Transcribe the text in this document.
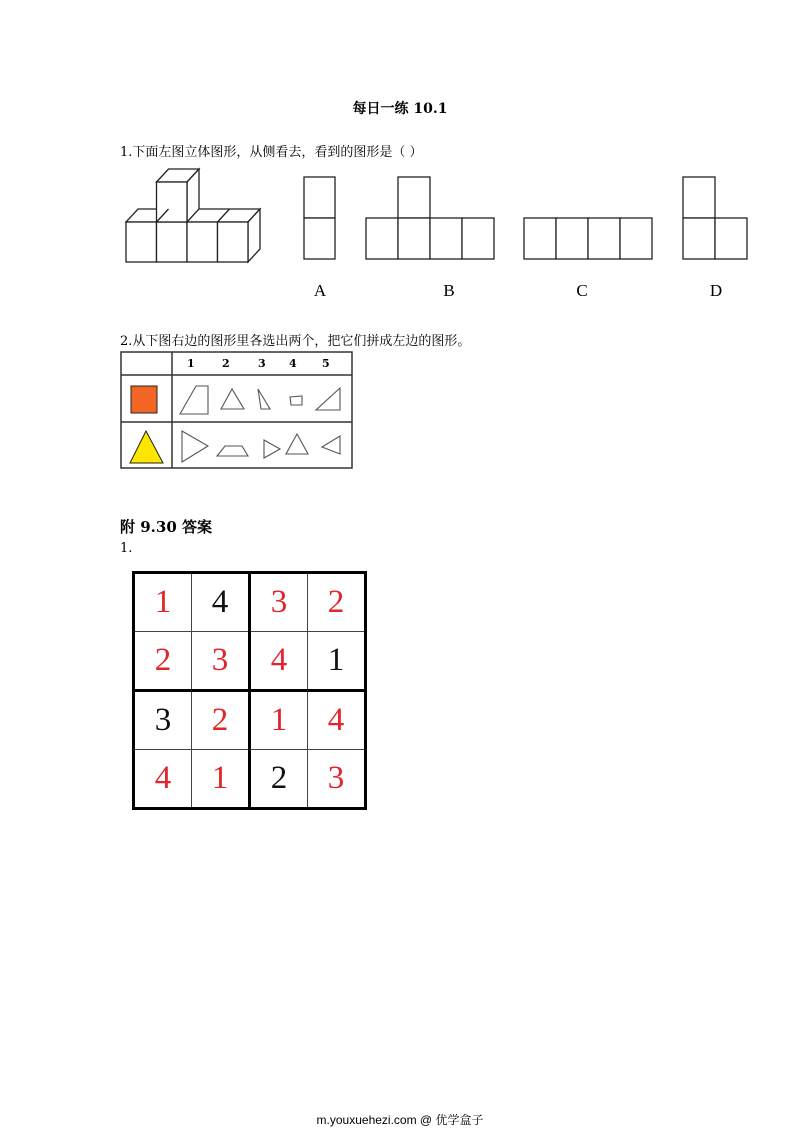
每日一练 10.1
1.下面左图立体图形，从侧看去，看到的图形是（ ）
A	B	C	D
2.从下图右边的图形里各选出两个，把它们拼成左边的图形。
1 2	3 4 5
附 9.30 答案
1.
1	4	3	2
2	3	4	1
3	2	1	4
4	1	2	3
m.youxuehezi.com @ 优学盒子
